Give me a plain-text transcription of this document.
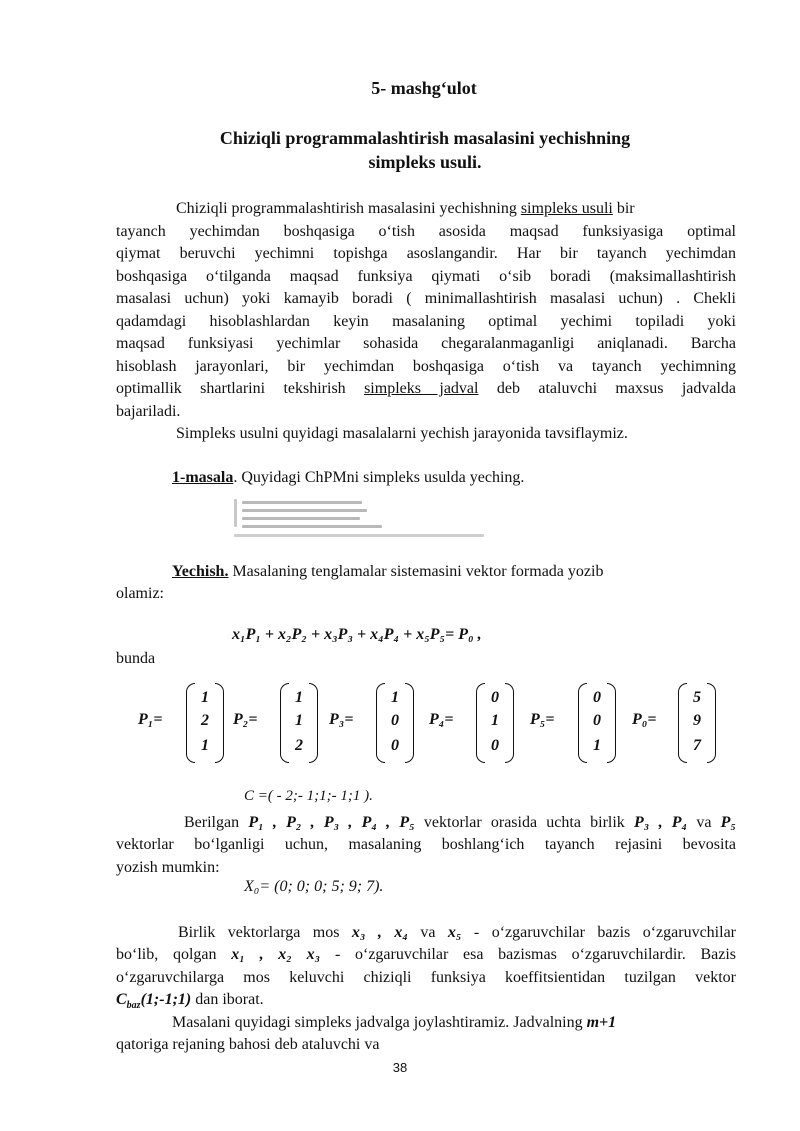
5- mashg‘ulot
Chiziqli programmalashtirish masalasini yechishning
simpleks usuli.
Chiziqli programmalashtirish masalasini yechishning simpleks usuli bir
tayanch yechimdan boshqasiga o‘tish asosida maqsad funksiyasiga optimal
qiymat beruvchi yechimni topishga asoslangandir. Har bir tayanch yechimdan
boshqasiga o‘tilganda maqsad funksiya qiymati o‘sib boradi (maksimallashtirish
masalasi uchun) yoki kamayib boradi ( minimallashtirish masalasi uchun) . Chekli
qadamdagi hisoblashlardan keyin masalaning optimal yechimi topiladi yoki
maqsad funksiyasi yechimlar sohasida chegaralanmaganligi aniqlanadi. Barcha
hisoblash jarayonlari, bir yechimdan boshqasiga o‘tish va tayanch yechimning
optimallik shartlarini tekshirish simpleks jadval deb ataluvchi maxsus jadvalda
bajariladi.
Simpleks usulni quyidagi masalalarni yechish jarayonida tavsiflaymiz.
1-masala. Quyidagi ChPMni simpleks usulda yeching.
Yechish. Masalaning tenglamalar sistemasini vektor formada yozib
olamiz:
x₁P₁ + x₂P₂ + x₃P₃ + x₄P₄ + x₅P₅= P₀ ,
bunda
P₁=
1
2
1
P₂=
1
1
2
P₃=
1
0
0
P₄=
0
1
0
P₅=
0
0
1
P₀=
5
9
7
C =( - 2;- 1;1;- 1;1 ).
Berilgan P₁ , P₂ , P₃ , P₄ , P₅ vektorlar orasida uchta birlik P₃ , P₄ va P₅
vektorlar bo‘lganligi uchun, masalaning boshlang‘ich tayanch rejasini bevosita
yozish mumkin:
X₀= (0; 0; 0; 5; 9; 7).
Birlik vektorlarga mos x₃ , x₄ va x₅ - o‘zgaruvchilar bazis o‘zgaruvchilar
bo‘lib, qolgan x₁ , x₂ x₃ - o‘zgaruvchilar esa bazismas o‘zgaruvchilardir. Bazis
o‘zgaruvchilarga mos keluvchi chiziqli funksiya koeffitsientidan tuzilgan vektor
$C_{baz}(1;-1;1)$ dan iborat.
Masalani quyidagi simpleks jadvalga joylashtiramiz. Jadvalning m+1
qatoriga rejaning bahosi deb ataluvchi va
38
